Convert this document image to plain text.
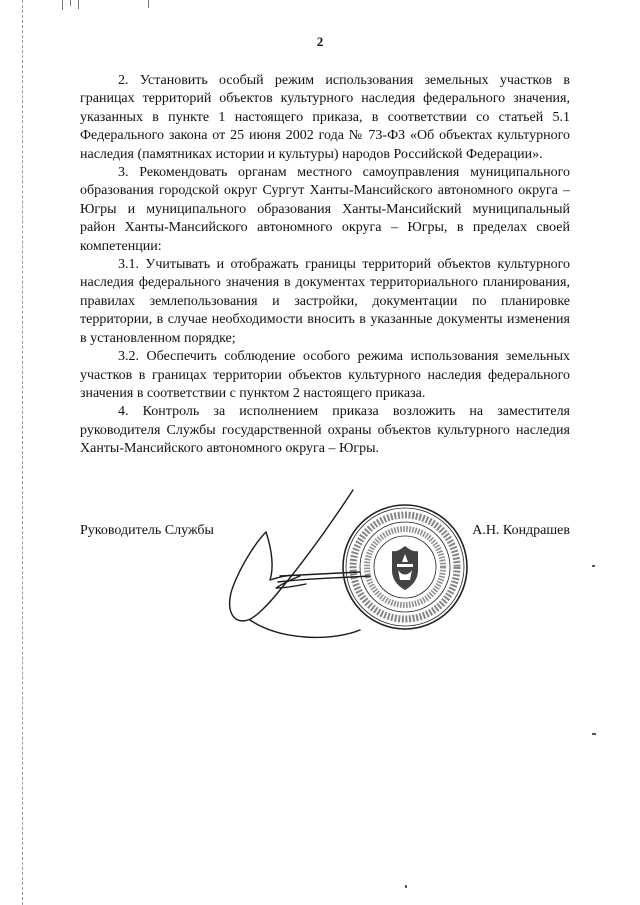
2

2. Установить особый режим использования земельных участков в границах территорий объектов культурного наследия федерального значения, указанных в пункте 1 настоящего приказа, в соответствии со статьей 5.1 Федерального закона от 25 июня 2002 года № 73-ФЗ «Об объектах культурного наследия (памятниках истории и культуры) народов Российской Федерации».

3. Рекомендовать органам местного самоуправления муниципального образования городской округ Сургут Ханты-Мансийского автономного округа – Югры и муниципального образования Ханты-Мансийский муниципальный район Ханты-Мансийского автономного округа – Югры, в пределах своей компетенции:

3.1. Учитывать и отображать границы территорий объектов культурного наследия федерального значения в документах территориального планирования, правилах землепользования и застройки, документации по планировке территории, в случае необходимости вносить в указанные документы изменения в установленном порядке;

3.2. Обеспечить соблюдение особого режима использования земельных участков в границах территории объектов культурного наследия федерального значения в соответствии с пунктом 2 настоящего приказа.

4. Контроль за исполнением приказа возложить на заместителя руководителя Службы государственной охраны объектов культурного наследия Ханты-Мансийского автономного округа – Югры.

Руководитель Службы	А.Н. Кондрашев
